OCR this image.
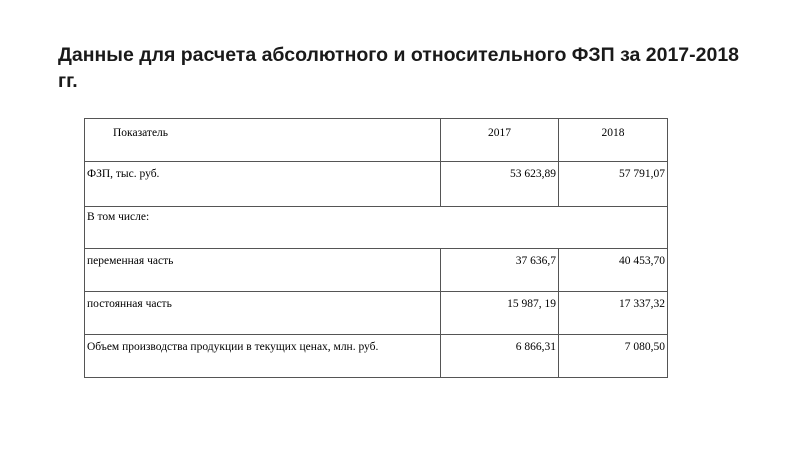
Данные для расчета абсолютного и относительного ФЗП за 2017-2018 гг.
Показатель	2017	2018
ФЗП, тыс. руб.	53 623,89	57 791,07
В том числе:		
переменная часть	37 636,7	40 453,70
постоянная часть	15 987, 19	17 337,32
Объем производства продукции в текущих ценах, млн. руб.	6 866,31	7 080,50
